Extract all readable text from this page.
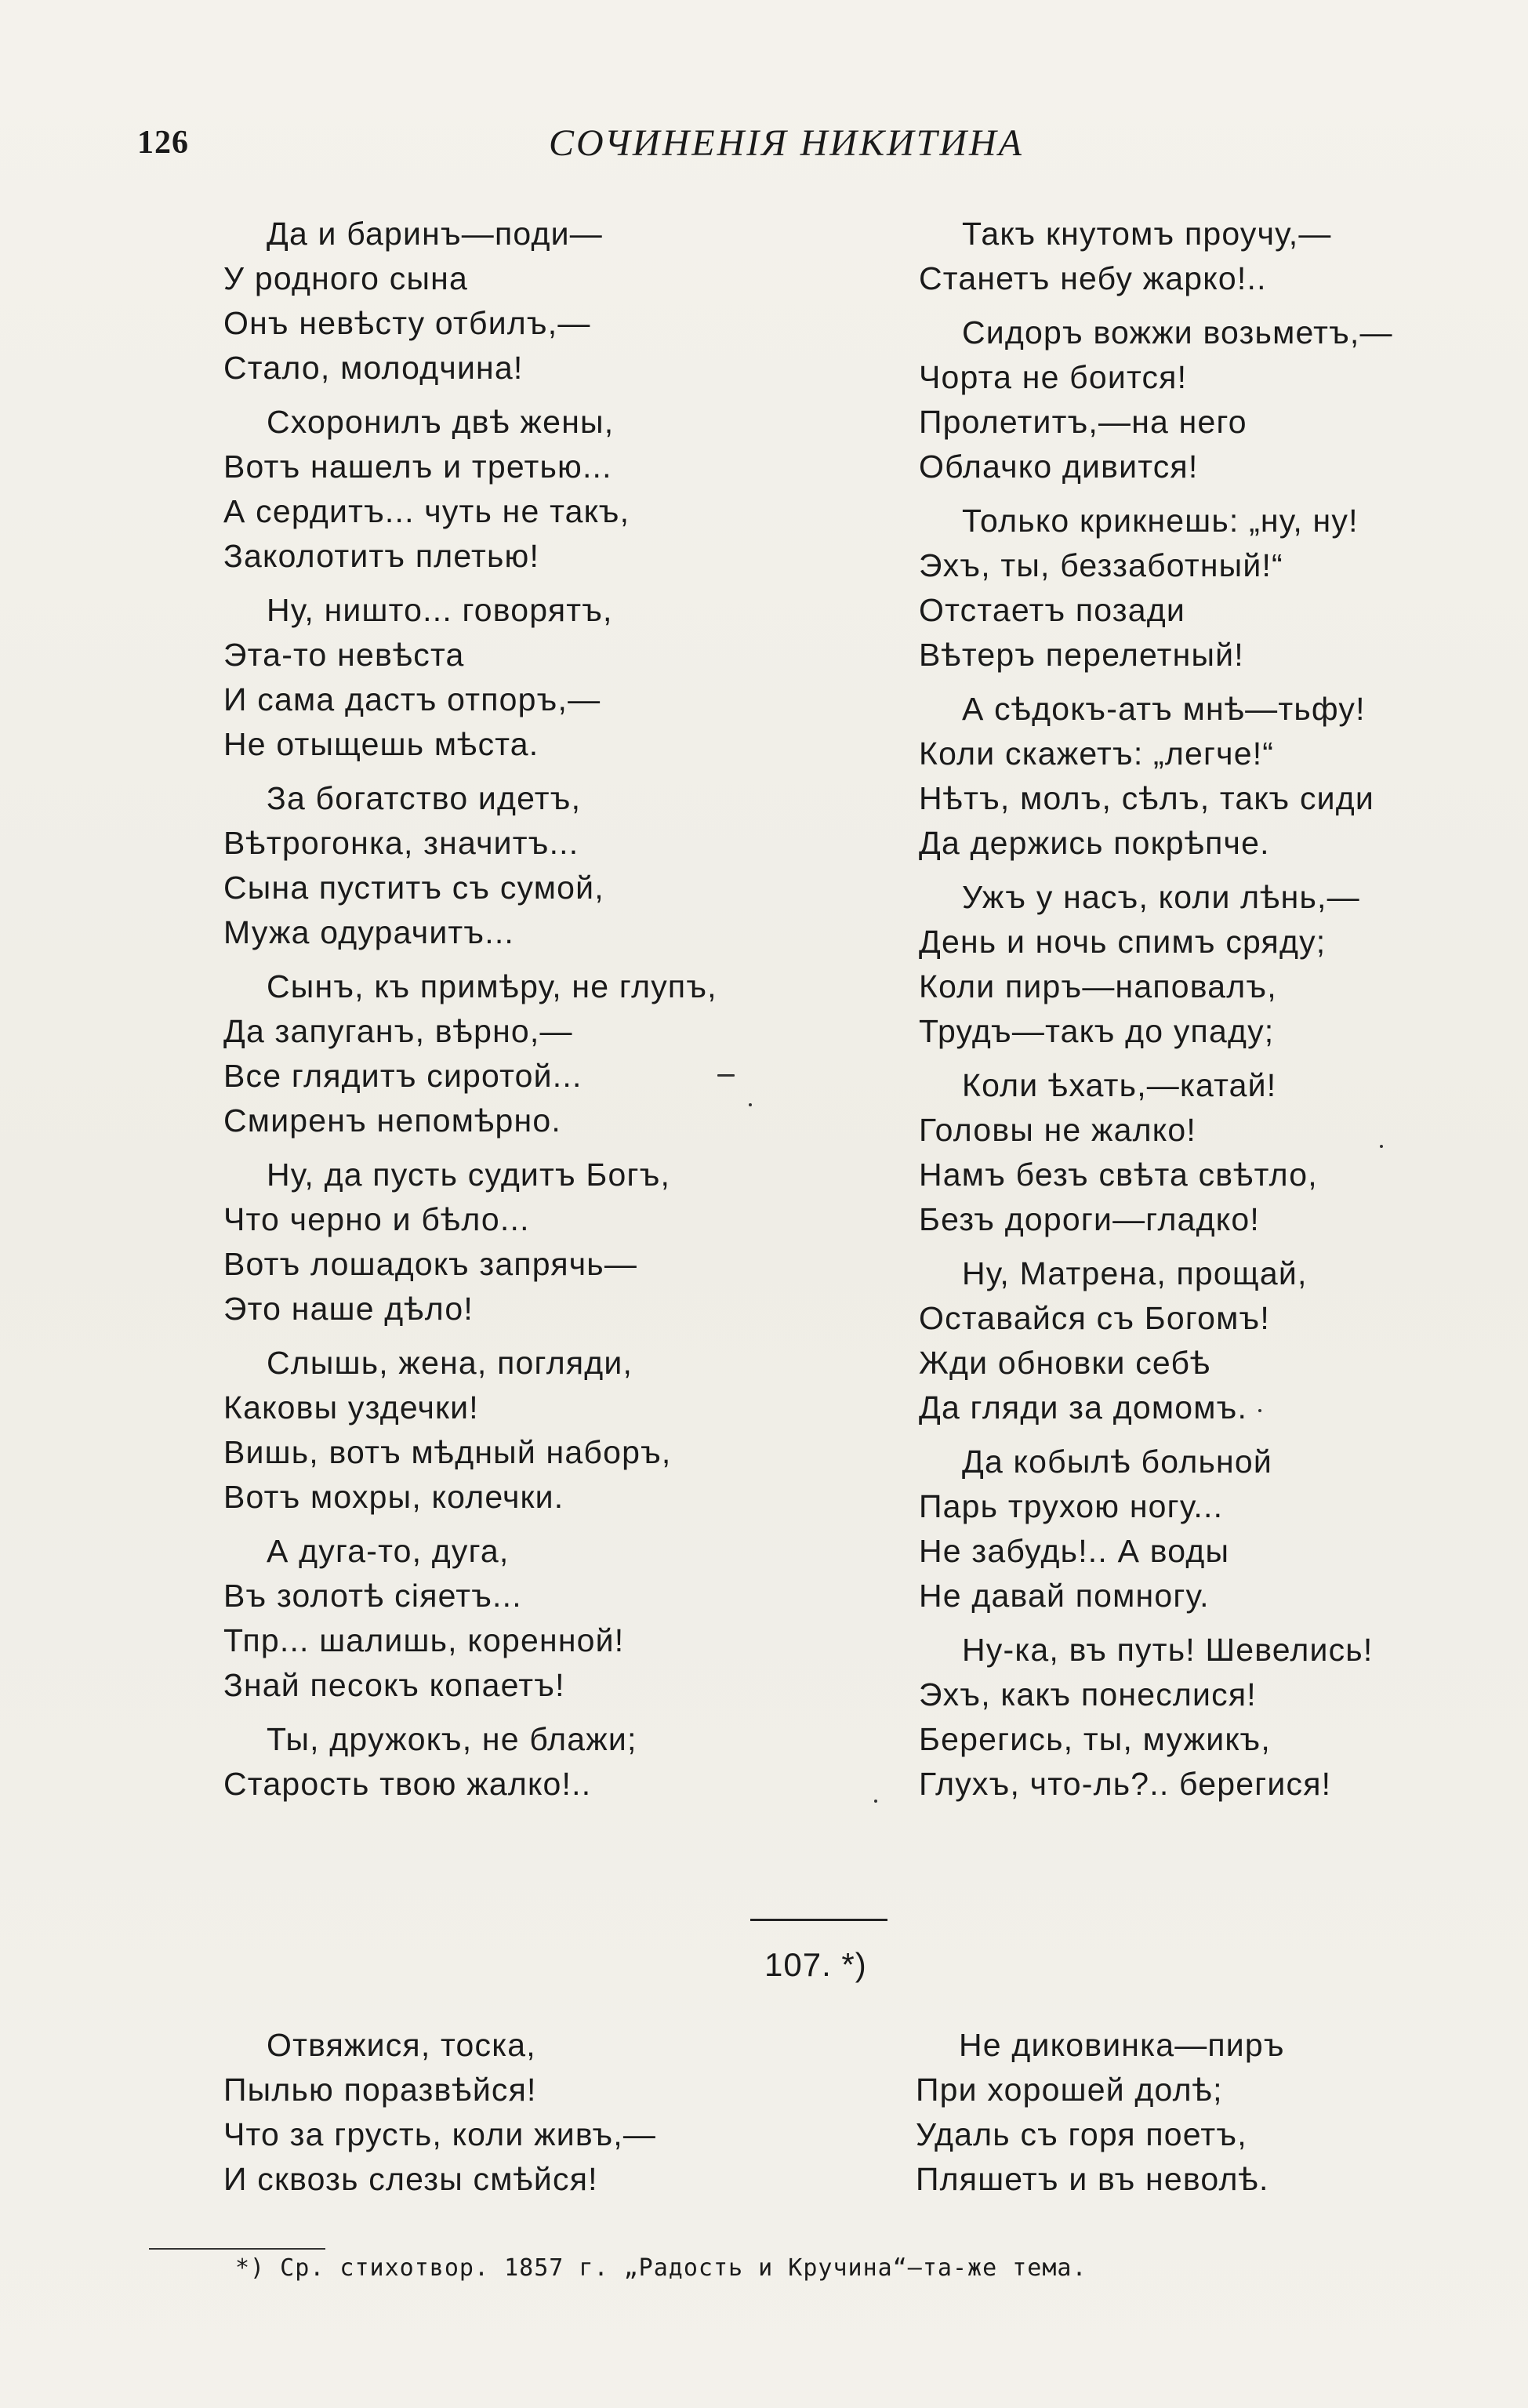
126	СОЧИНЕНІЯ НИКИТИНА
Да и баринъ—поди—
У родного сына
Онъ невѣсту отбилъ,—
Стало, молодчина!
Схоронилъ двѣ жены,
Вотъ нашелъ и третью...
А сердитъ... чуть не такъ,
Заколотитъ плетью!
Ну, ништо... говорятъ,
Эта-то невѣста
И сама дастъ отпоръ,—
Не отыщешь мѣста.
За богатство идетъ,
Вѣтрогонка, значитъ...
Сына пуститъ съ сумой,
Мужа одурачитъ...
Сынъ, къ примѣру, не глупъ,
Да запуганъ, вѣрно,—
Все глядитъ сиротой...
Смиренъ непомѣрно.
Ну, да пусть судитъ Богъ,
Что черно и бѣло...
Вотъ лошадокъ запрячь—
Это наше дѣло!
Слышь, жена, погляди,
Каковы уздечки!
Вишь, вотъ мѣдный наборъ,
Вотъ мохры, колечки.
А дуга-то, дуга,
Въ золотѣ сіяетъ...
Тпр... шалишь, коренной!
Знай песокъ копаетъ!
Ты, дружокъ, не блажи;
Старость твою жалко!..
Такъ кнутомъ проучу,—
Станетъ небу жарко!..
Сидоръ вожжи возьметъ,—
Чорта не боится!
Пролетитъ,—на него
Облачко дивится!
Только крикнешь: „ну, ну!
Эхъ, ты, беззаботный!“
Отстаетъ позади
Вѣтеръ перелетный!
А сѣдокъ-атъ мнѣ—тьфу!
Коли скажетъ: „легче!“
Нѣтъ, молъ, сѣлъ, такъ сиди
Да держись покрѣпче.
Ужъ у насъ, коли лѣнь,—
День и ночь спимъ сряду;
Коли пиръ—наповалъ,
Трудъ—такъ до упаду;
Коли ѣхать,—катай!
Головы не жалко!
Намъ безъ свѣта свѣтло,
Безъ дороги—гладко!
Ну, Матрена, прощай,
Оставайся съ Богомъ!
Жди обновки себѣ
Да гляди за домомъ.
Да кобылѣ больной
Парь трухою ногу...
Не забудь!.. А воды
Не давай помногу.
Ну-ка, въ путь! Шевелись!
Эхъ, какъ понеслися!
Берегись, ты, мужикъ,
Глухъ, что-ль?.. берегися!
107. *)
Отвяжися, тоска,
Пылью поразвѣйся!
Что за грусть, коли живъ,—
И сквозь слезы смѣйся!
Не диковинка—пиръ
При хорошей долѣ;
Удаль съ горя поетъ,
Пляшетъ и въ неволѣ.
*) Ср. стихотвор. 1857 г. „Радость и Кручина“—та-же тема.
